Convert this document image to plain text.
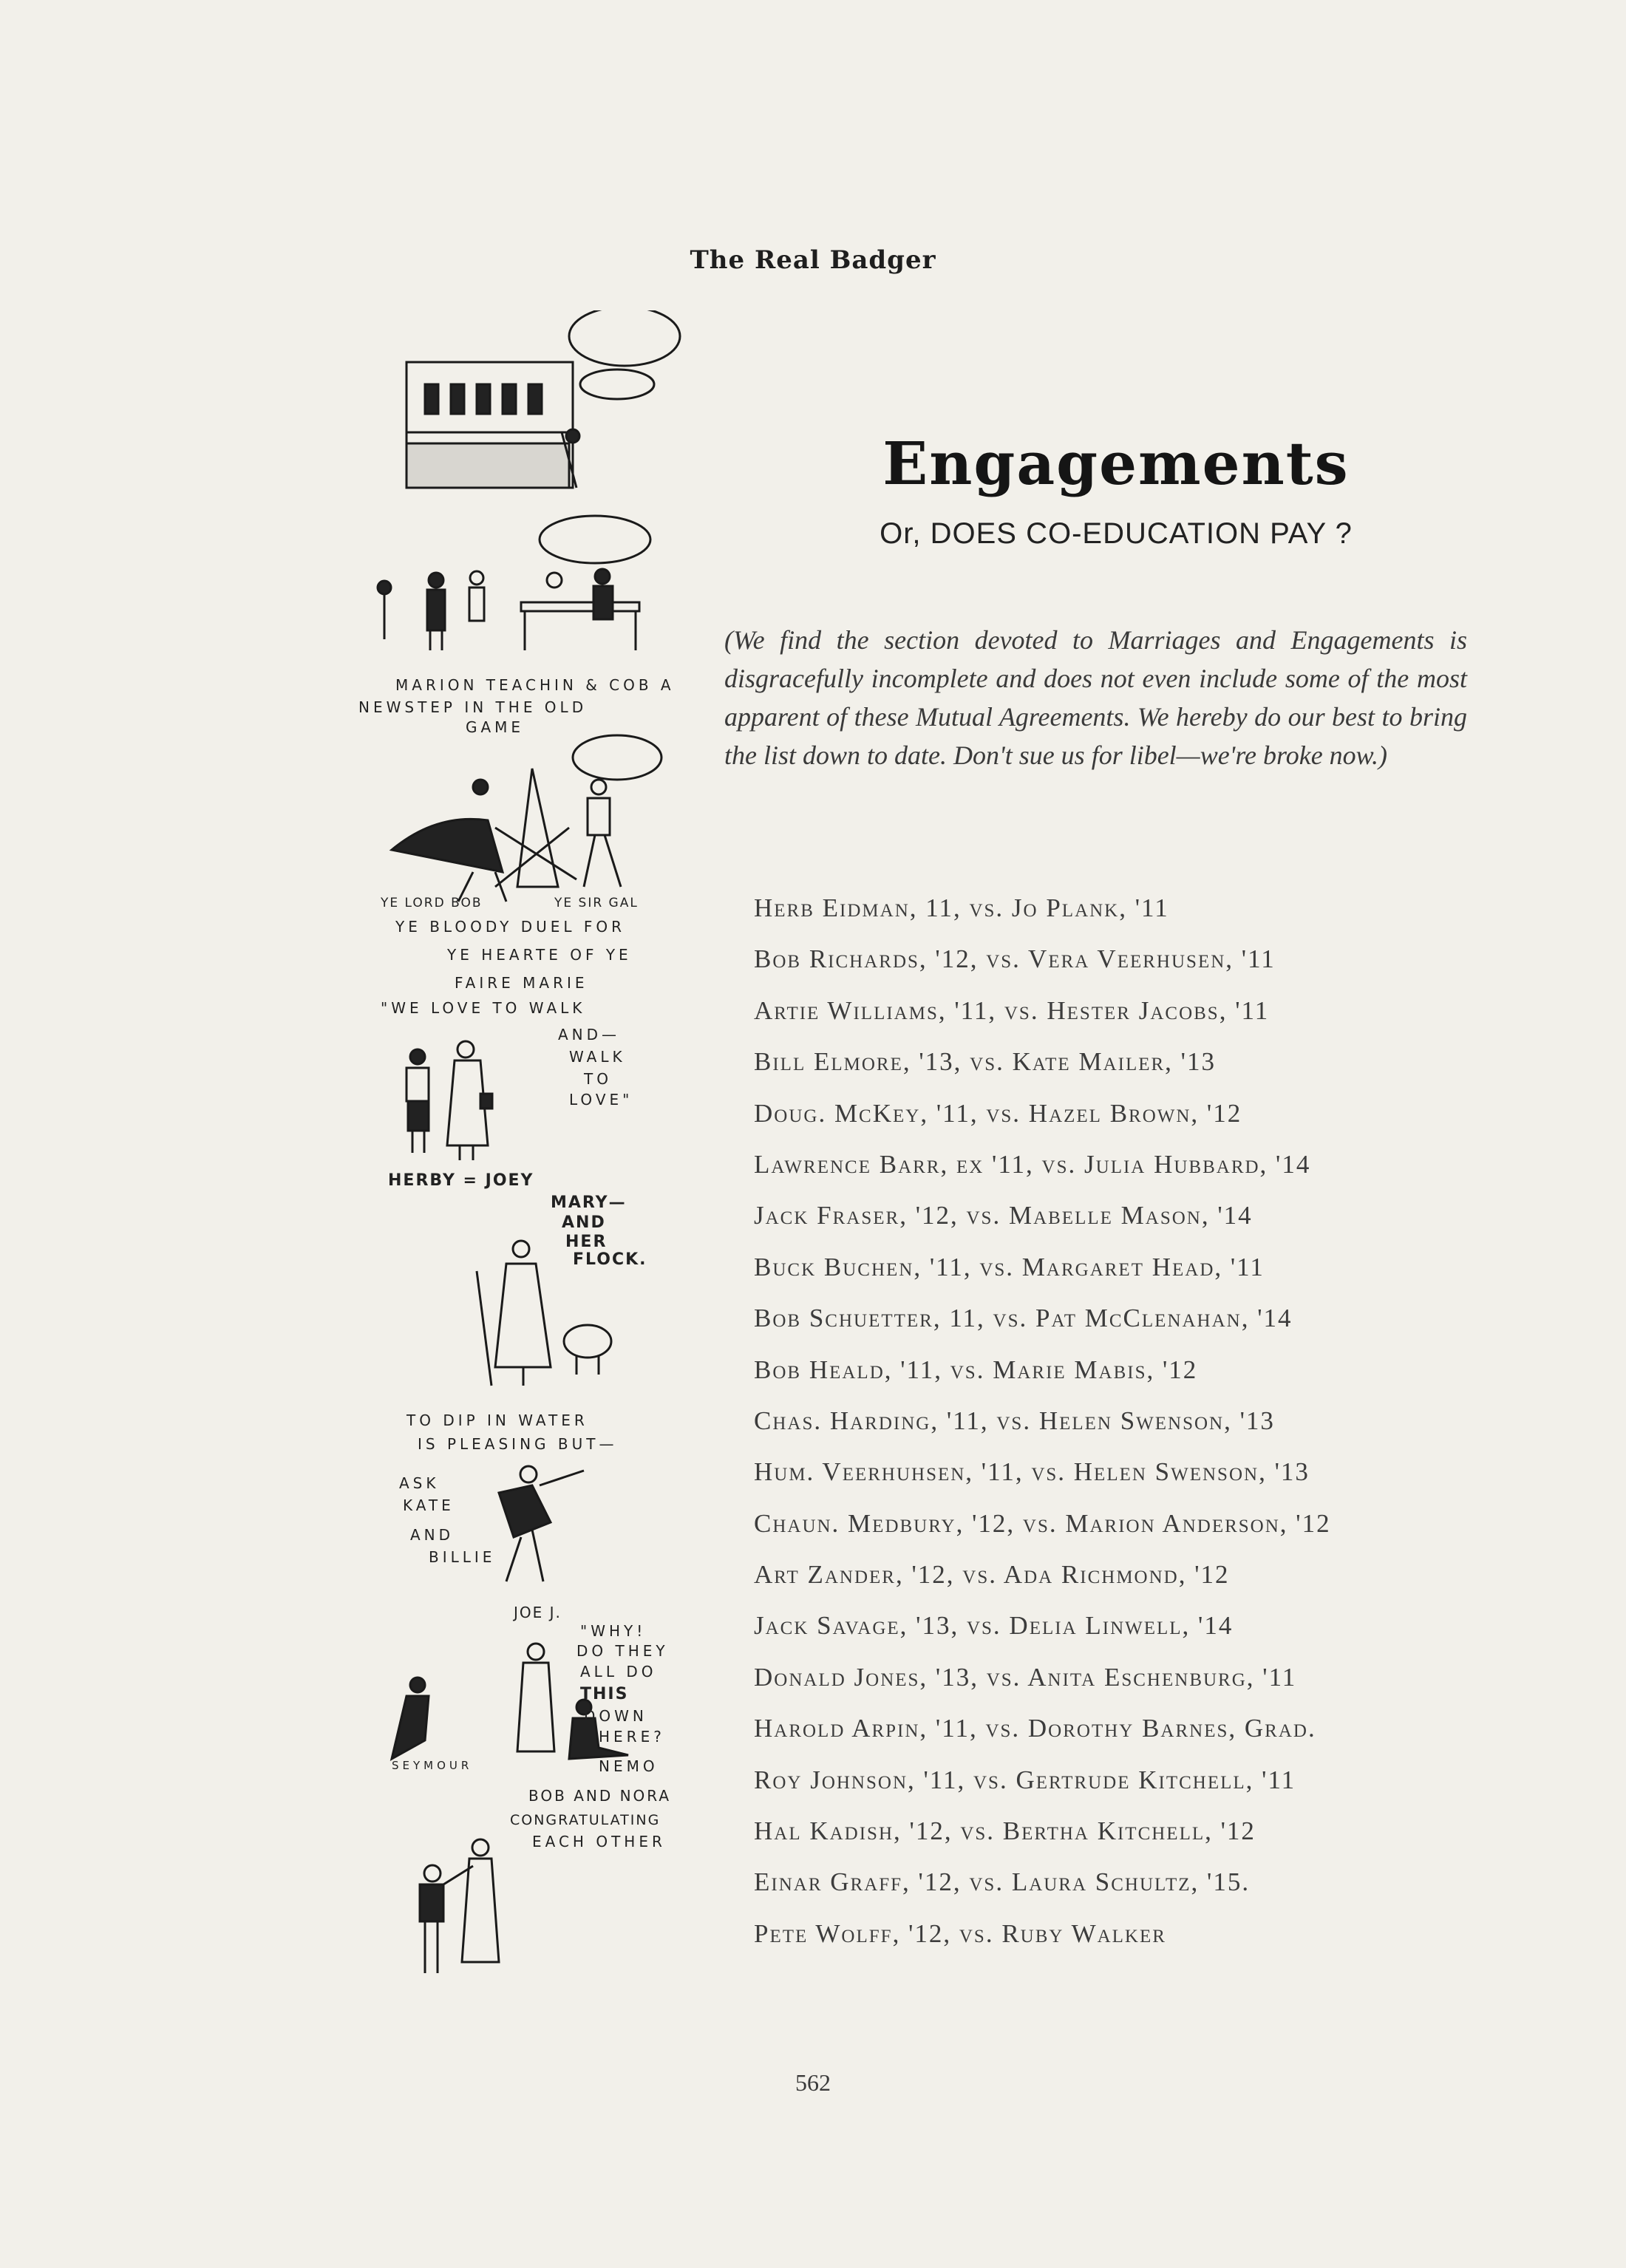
The Real Badger
MARION TEACHIN & COB A
NEWSTEP IN THE OLD
GAME
YE LORD BOB	YE SIR GAL
YE BLOODY DUEL FOR
YE HEARTE OF YE
FAIRE MARIE
"WE LOVE TO WALK
AND—
WALK
TO
LOVE"
HERBY = JOEY
MARY—
AND
HER
FLOCK.
TO DIP IN WATER
IS PLEASING BUT—
ASK
KATE
AND
BILLIE
JOE J.
"WHY!
DO THEY
ALL DO
THIS
DOWN
HERE?
SEYMOUR	NEMO
BOB AND NORA
CONGRATULATING
EACH OTHER
Engagements
Or, DOES CO-EDUCATION PAY ?
(We find the section devoted to Marriages and Engagements is disgracefully incomplete and does not even include some of the most apparent of these Mutual Agreements. We hereby do our best to bring the list down to date. Don't sue us for libel—we're broke now.)
Herb Eidman, 11, vs. Jo Plank, '11
Bob Richards, '12, vs. Vera Veerhusen, '11
Artie Williams, '11, vs. Hester Jacobs, '11
Bill Elmore, '13, vs. Kate Mailer, '13
Doug. McKey, '11, vs. Hazel Brown, '12
Lawrence Barr, ex '11, vs. Julia Hubbard, '14
Jack Fraser, '12, vs. Mabelle Mason, '14
Buck Buchen, '11, vs. Margaret Head, '11
Bob Schuetter, 11, vs. Pat McClenahan, '14
Bob Heald, '11, vs. Marie Mabis, '12
Chas. Harding, '11, vs. Helen Swenson, '13
Hum. Veerhuhsen, '11, vs. Helen Swenson, '13
Chaun. Medbury, '12, vs. Marion Anderson, '12
Art Zander, '12, vs. Ada Richmond, '12
Jack Savage, '13, vs. Delia Linwell, '14
Donald Jones, '13, vs. Anita Eschenburg, '11
Harold Arpin, '11, vs. Dorothy Barnes, Grad.
Roy Johnson, '11, vs. Gertrude Kitchell, '11
Hal Kadish, '12, vs. Bertha Kitchell, '12
Einar Graff, '12, vs. Laura Schultz, '15.
Pete Wolff, '12, vs. Ruby Walker
562
